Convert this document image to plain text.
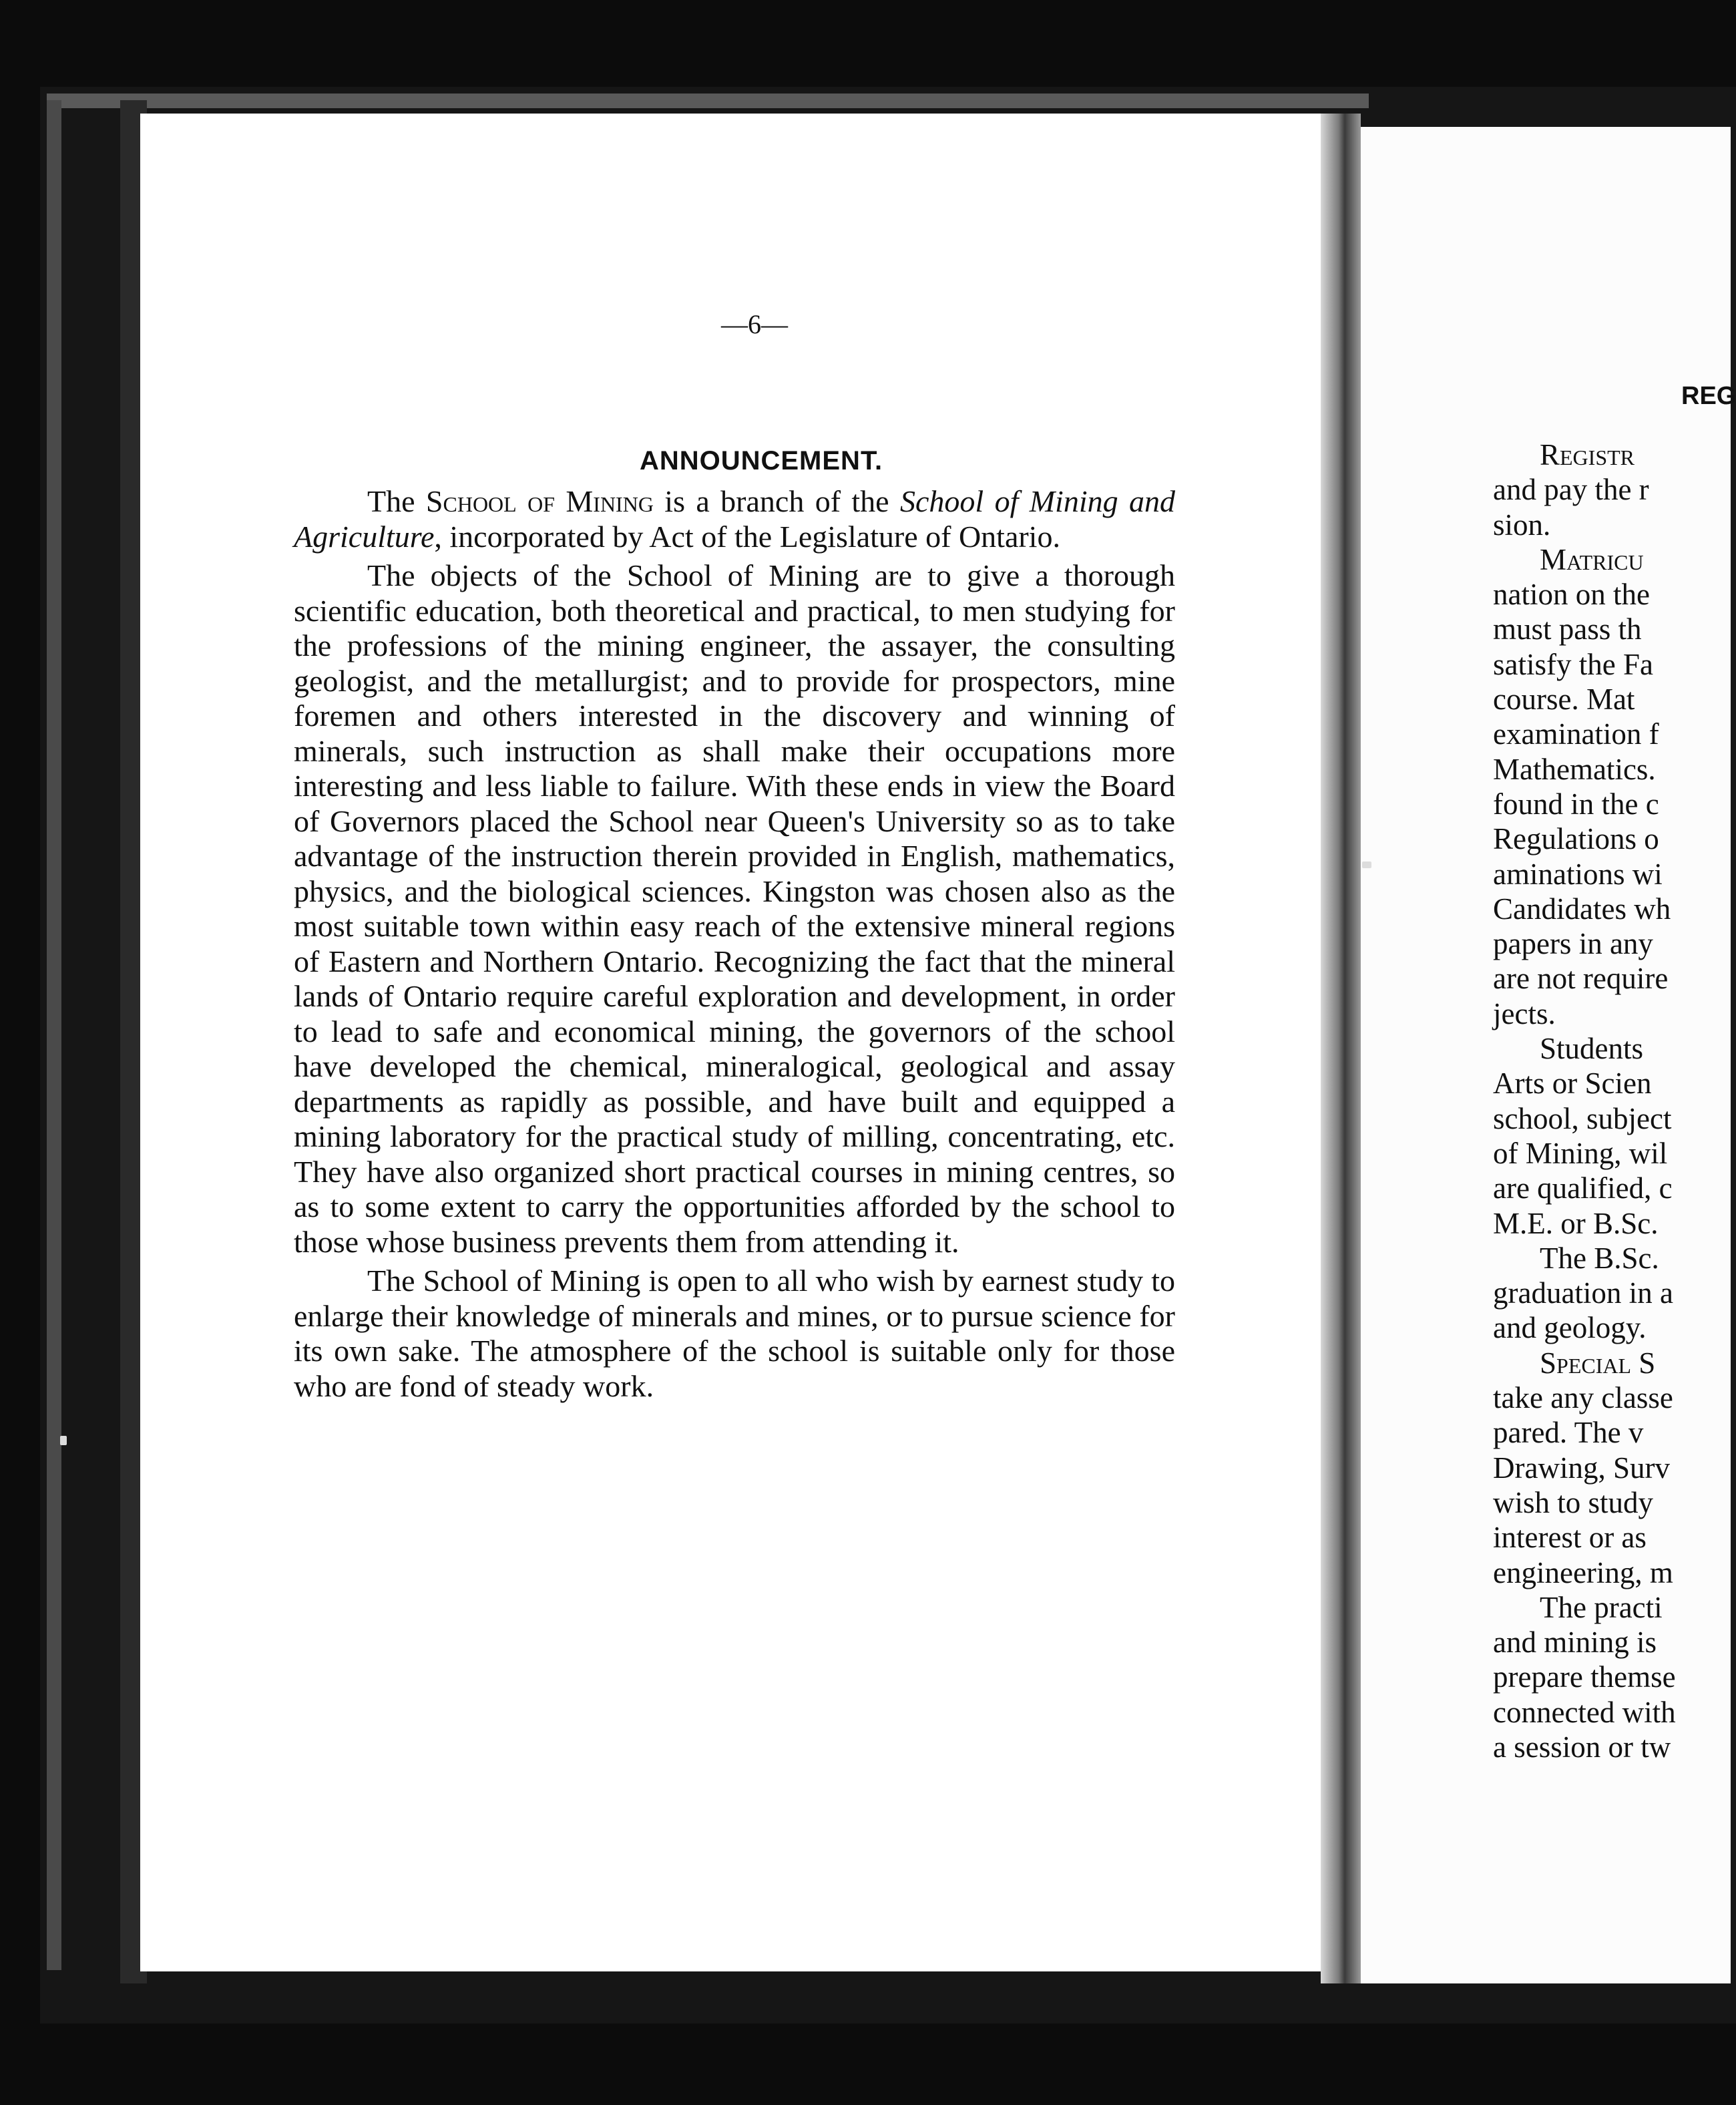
—6—
ANNOUNCEMENT.

The School of Mining is a branch of the School of Mining and Agriculture, incorporated by Act of the Legislature of Ontario.

The objects of the School of Mining are to give a thorough scientific education, both theoretical and practical, to men studying for the professions of the mining engineer, the assayer, the consulting geologist, and the metallurgist; and to provide for prospectors, mine foremen and others interested in the discovery and winning of minerals, such instruction as shall make their occupations more interesting and less liable to failure. With these ends in view the Board of Governors placed the School near Queen's University so as to take advantage of the instruction therein provided in English, mathematics, physics, and the biological sciences. Kingston was chosen also as the most suitable town within easy reach of the extensive mineral regions of Eastern and Northern Ontario. Recognizing the fact that the mineral lands of Ontario require careful exploration and development, in order to lead to safe and economical mining, the governors of the school have developed the chemical, mineralogical, geological and assay departments as rapidly as possible, and have built and equipped a mining laboratory for the practical study of milling, concentrating, etc. They have also organized short practical courses in mining centres, so as to some extent to carry the opportunities afforded by the school to those whose business prevents them from attending it.

The School of Mining is open to all who wish by earnest study to enlarge their knowledge of minerals and mines, or to pursue science for its own sake. The atmosphere of the school is suitable only for those who are fond of steady work.

REG
Registr
and pay the r
sion.
Matricu
nation on the
must pass th
satisfy the Fa
course. Mat
examination f
Mathematics.
found in the c
Regulations o
aminations wi
Candidates wh
papers in any
are not require
jects.
Students
Arts or Scien
school, subject
of Mining, wil
are qualified, c
M.E. or B.Sc.
The B.Sc.
graduation in a
and geology.
Special S
take any classe
pared. The v
Drawing, Surv
wish to study
interest or as
engineering, m
The practi
and mining is
prepare themse
connected with
a session or tw
